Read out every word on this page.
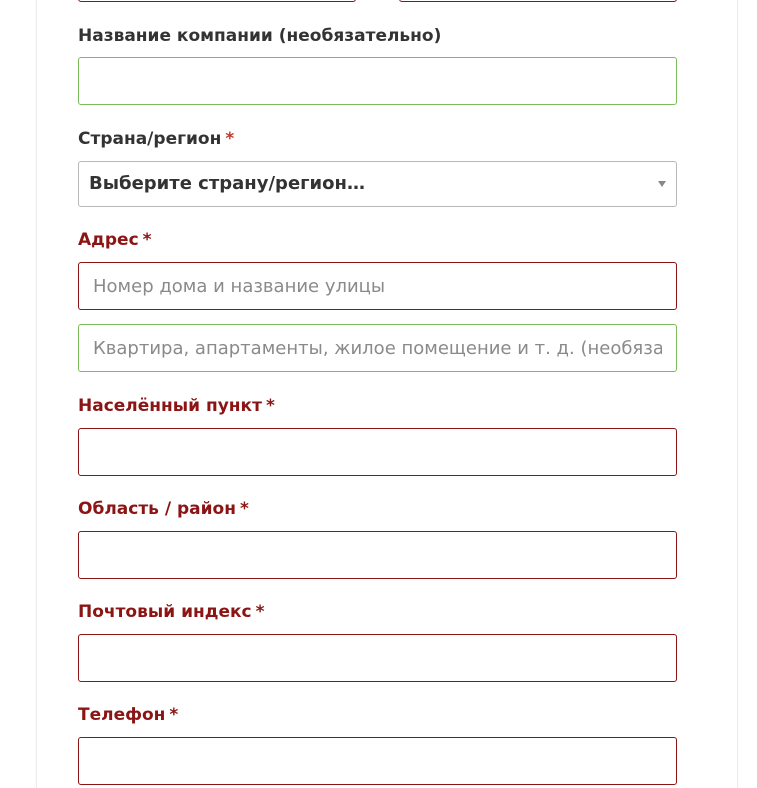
Название компании (необязательно)
Страна/регион *
Выберите страну/регион…
Адрес *
Номер дома и название улицы
Квартира, апартаменты, жилое помещение и т. д. (необязательно)
Населённый пункт *
Область / район *
Почтовый индекс *
Телефон *
